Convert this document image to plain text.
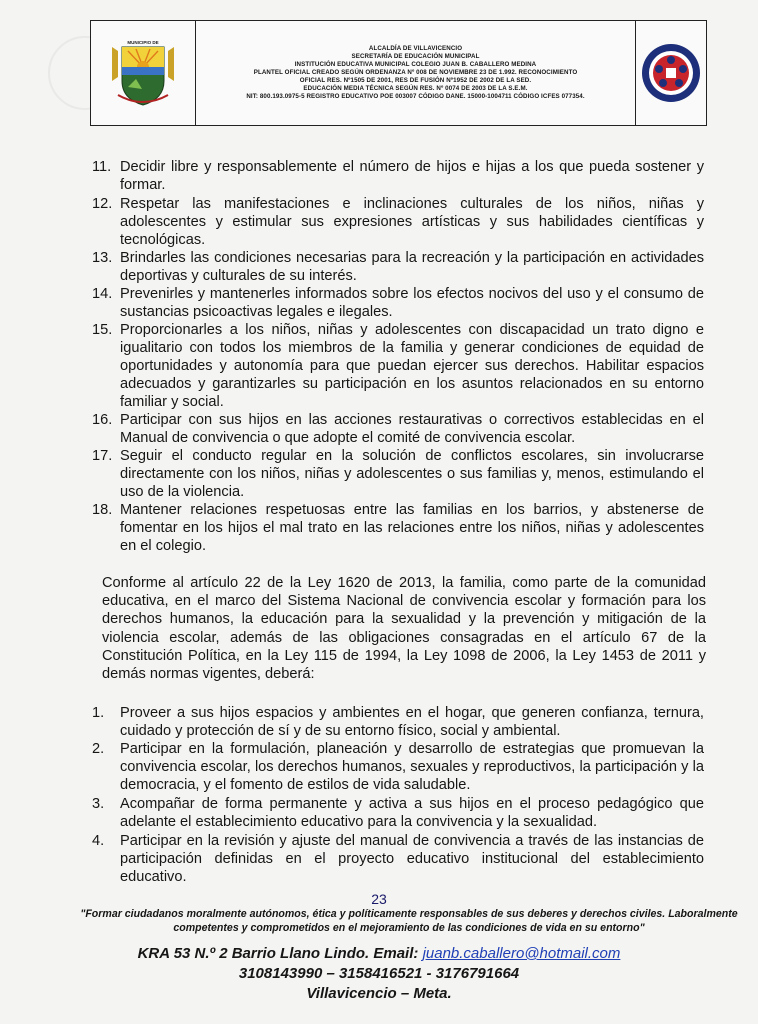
MUNICIPIO DE
ALCALDÍA DE VILLAVICENCIO
SECRETARÍA DE EDUCACIÓN MUNICIPAL
INSTITUCIÓN EDUCATIVA MUNICIPAL COLEGIO JUAN B. CABALLERO MEDINA
PLANTEL OFICIAL CREADO SEGÚN ORDENANZA Nº 008 DE NOVIEMBRE 23 DE 1.992. RECONOCIMIENTO
OFICIAL RES. Nº1505 DE 2001, RES DE FUSIÓN Nº1952 DE 2002 DE LA SED.
EDUCACIÓN MEDIA TÉCNICA SEGÚN RES. Nº 0074 DE 2003 DE LA S.E.M.
NIT: 800.193.0975-5 REGISTRO EDUCATIVO POE 003007 CÓDIGO DANE. 15000-1004711 CÓDIGO ICFES 077354.
11. Decidir libre y responsablemente el número de hijos e hijas a los que pueda sostener y formar.
12. Respetar las manifestaciones e inclinaciones culturales de los niños, niñas y adolescentes y estimular sus expresiones artísticas y sus habilidades científicas y tecnológicas.
13. Brindarles las condiciones necesarias para la recreación y la participación en actividades deportivas y culturales de su interés.
14. Prevenirles y mantenerles informados sobre los efectos nocivos del uso y el consumo de sustancias psicoactivas legales e ilegales.
15. Proporcionarles a los niños, niñas y adolescentes con discapacidad un trato digno e igualitario con todos los miembros de la familia y generar condiciones de equidad de oportunidades y autonomía para que puedan ejercer sus derechos. Habilitar espacios adecuados y garantizarles su participación en los asuntos relacionados en su entorno familiar y social.
16. Participar con sus hijos en las acciones restaurativas o correctivos establecidas en el Manual de convivencia o que adopte el comité de convivencia escolar.
17. Seguir el conducto regular en la solución de conflictos escolares, sin involucrarse directamente con los niños, niñas y adolescentes o sus familias y, menos, estimulando el uso de la violencia.
18. Mantener relaciones respetuosas entre las familias en los barrios, y abstenerse de fomentar en los hijos el mal trato en las relaciones entre los niños, niñas y adolescentes en el colegio.
Conforme al artículo 22 de la Ley 1620 de 2013, la familia, como parte de la comunidad educativa, en el marco del Sistema Nacional de convivencia escolar y formación para los derechos humanos, la educación para la sexualidad y la prevención y mitigación de la violencia escolar, además de las obligaciones consagradas en el artículo 67 de la Constitución Política, en la Ley 115 de 1994, la Ley 1098 de 2006, la Ley 1453 de 2011 y demás normas vigentes, deberá:
1.	Proveer a sus hijos espacios y ambientes en el hogar, que generen confianza, ternura, cuidado y protección de sí y de su entorno físico, social y ambiental.
2.	Participar en la formulación, planeación y desarrollo de estrategias que promuevan la convivencia escolar, los derechos humanos, sexuales y reproductivos, la participación y la democracia, y el fomento de estilos de vida saludable.
3.	Acompañar de forma permanente y activa a sus hijos en el proceso pedagógico que adelante el establecimiento educativo para la convivencia y la sexualidad.
4.	Participar en la revisión y ajuste del manual de convivencia a través de las instancias de participación definidas en el proyecto educativo institucional del establecimiento educativo.
23
"Formar ciudadanos moralmente autónomos, ética y políticamente responsables de sus deberes y derechos civiles. Laboralmente competentes y comprometidos en el mejoramiento de las condiciones de vida en su entorno"
KRA 53 N.º 2 Barrio Llano Lindo. Email: juanb.caballero@hotmail.com
3108143990 – 3158416521 - 3176791664
Villavicencio – Meta.
